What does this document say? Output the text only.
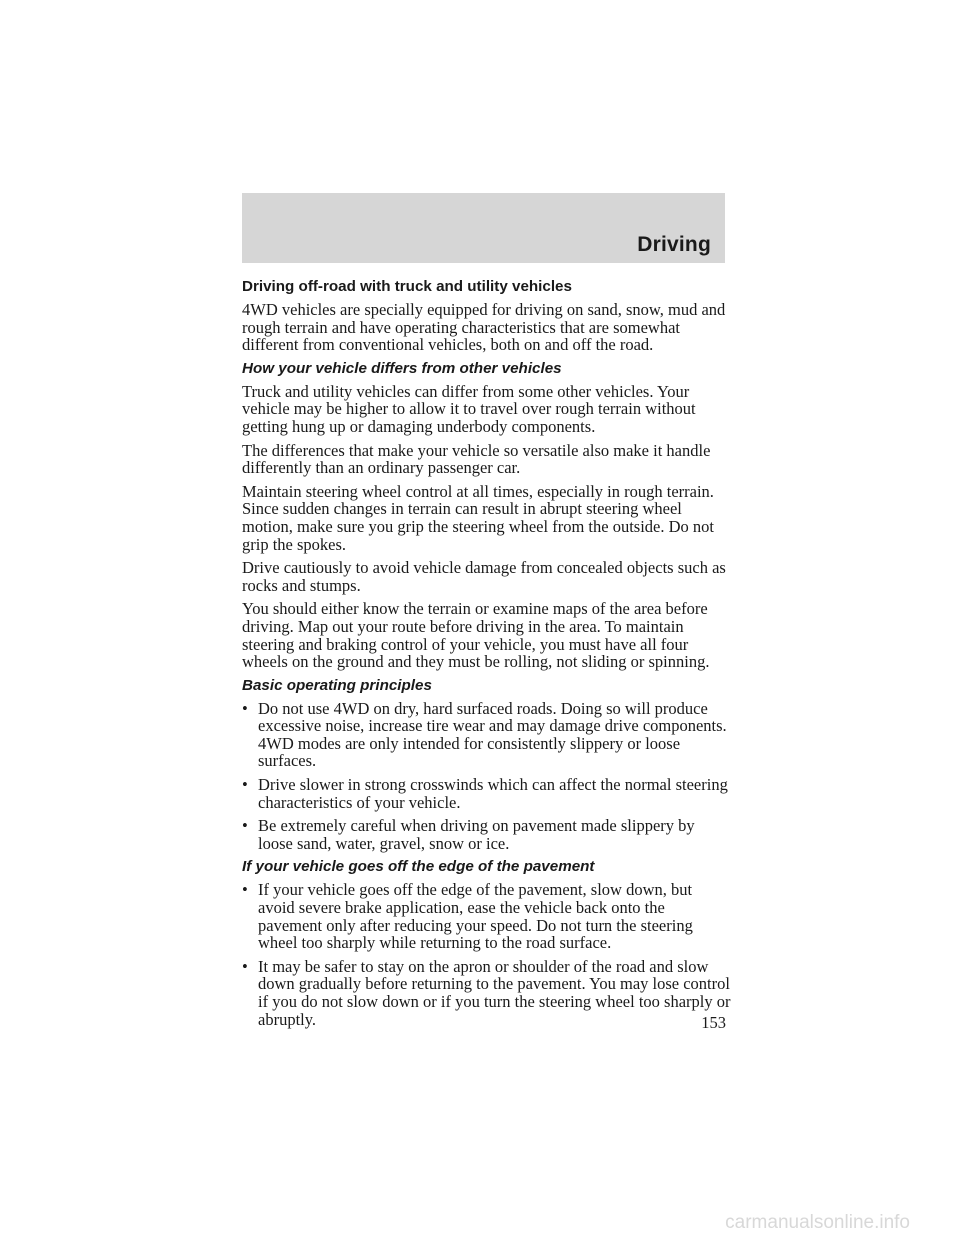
Driving
Driving off-road with truck and utility vehicles

4WD vehicles are specially equipped for driving on sand, snow, mud and rough terrain and have operating characteristics that are somewhat different from conventional vehicles, both on and off the road.

How your vehicle differs from other vehicles

Truck and utility vehicles can differ from some other vehicles. Your vehicle may be higher to allow it to travel over rough terrain without getting hung up or damaging underbody components.

The differences that make your vehicle so versatile also make it handle differently than an ordinary passenger car.

Maintain steering wheel control at all times, especially in rough terrain. Since sudden changes in terrain can result in abrupt steering wheel motion, make sure you grip the steering wheel from the outside. Do not grip the spokes.

Drive cautiously to avoid vehicle damage from concealed objects such as rocks and stumps.

You should either know the terrain or examine maps of the area before driving. Map out your route before driving in the area. To maintain steering and braking control of your vehicle, you must have all four wheels on the ground and they must be rolling, not sliding or spinning.

Basic operating principles
• Do not use 4WD on dry, hard surfaced roads. Doing so will produce excessive noise, increase tire wear and may damage drive components. 4WD modes are only intended for consistently slippery or loose surfaces.
• Drive slower in strong crosswinds which can affect the normal steering characteristics of your vehicle.
• Be extremely careful when driving on pavement made slippery by loose sand, water, gravel, snow or ice.
If your vehicle goes off the edge of the pavement
• If your vehicle goes off the edge of the pavement, slow down, but avoid severe brake application, ease the vehicle back onto the pavement only after reducing your speed. Do not turn the steering wheel too sharply while returning to the road surface.
• It may be safer to stay on the apron or shoulder of the road and slow down gradually before returning to the pavement. You may lose control if you do not slow down or if you turn the steering wheel too sharply or abruptly.	153
carmanualsonline.info
